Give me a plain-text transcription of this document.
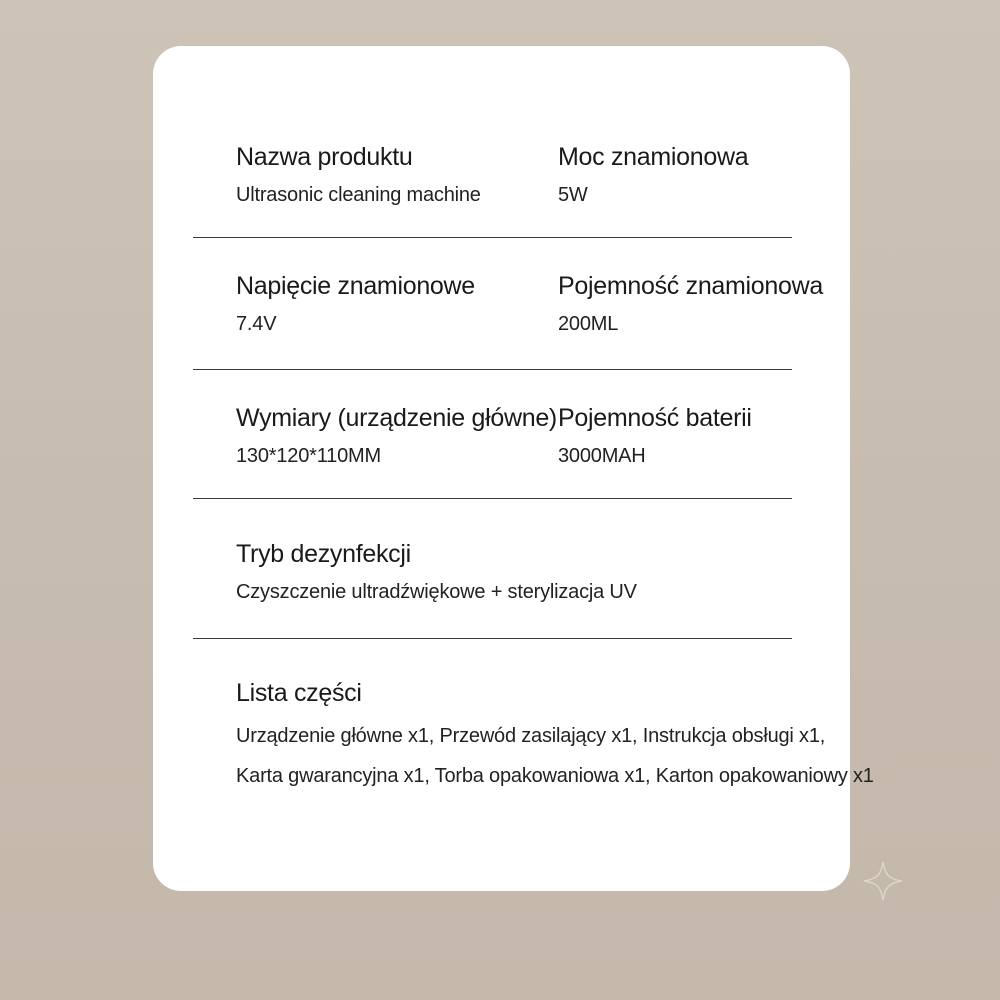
Nazwa produktu
Ultrasonic cleaning machine
Moc znamionowa
5W
Napięcie znamionowe
7.4V
Pojemność znamionowa
200ML
Wymiary (urządzenie główne)
130*120*110MM
Pojemność baterii
3000MAH
Tryb dezynfekcji
Czyszczenie ultradźwiękowe + sterylizacja UV
Lista części
Urządzenie główne x1, Przewód zasilający x1, Instrukcja obsługi x1, Karta gwarancyjna x1, Torba opakowaniowa x1, Karton opakowaniowy x1
